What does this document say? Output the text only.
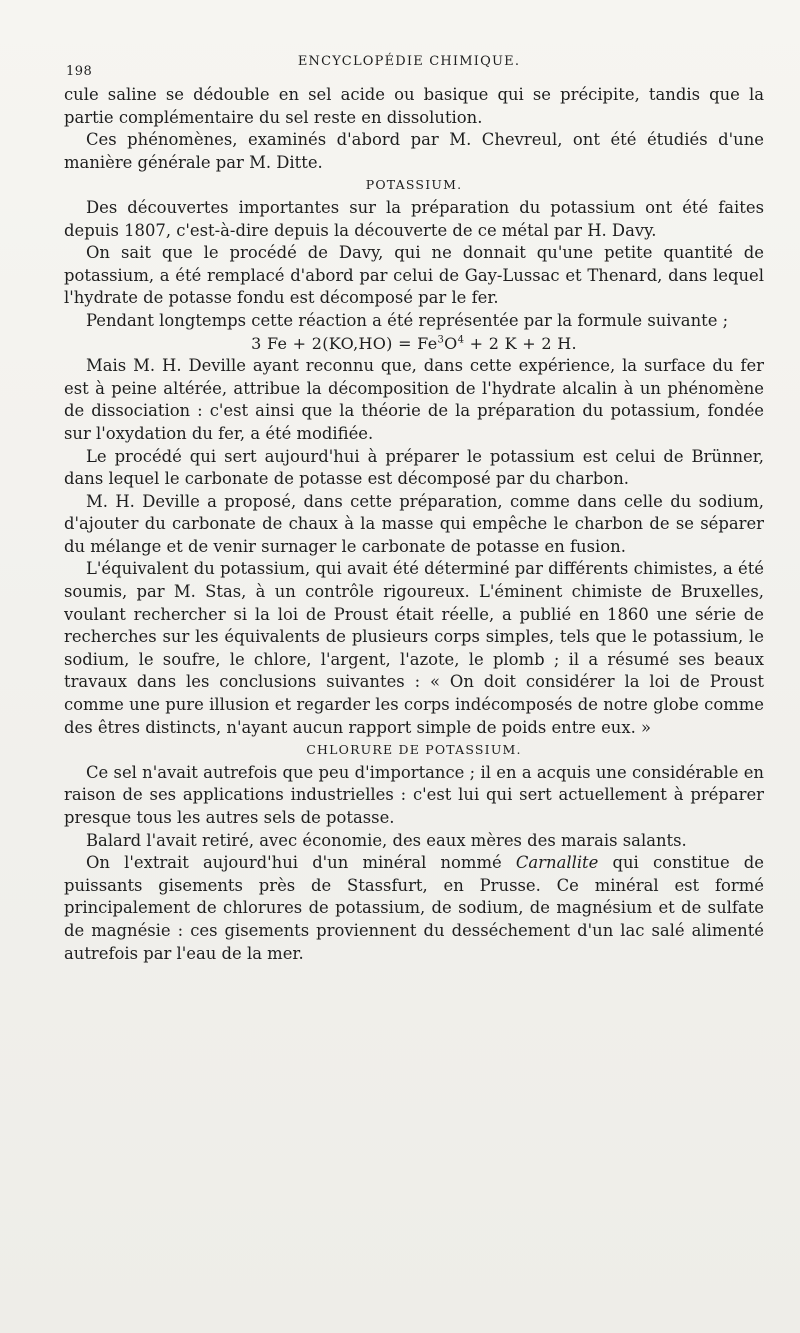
198
ENCYCLOPÉDIE CHIMIQUE.

cule saline se dédouble en sel acide ou basique qui se précipite, tandis que la partie complémentaire du sel reste en dissolution.

Ces phénomènes, examinés d'abord par M. Chevreul, ont été étudiés d'une manière générale par M. Ditte.

POTASSIUM.

Des découvertes importantes sur la préparation du potassium ont été faites depuis 1807, c'est-à-dire depuis la découverte de ce métal par H. Davy.

On sait que le procédé de Davy, qui ne donnait qu'une petite quantité de potassium, a été remplacé d'abord par celui de Gay-Lussac et Thenard, dans lequel l'hydrate de potasse fondu est décomposé par le fer.

Pendant longtemps cette réaction a été représentée par la formule suivante ;

3 $Fe + 2(KO,HO) = Fe^3O^4 + 2$ K + 2 H.

Mais M. H. Deville ayant reconnu que, dans cette expérience, la surface du fer est à peine altérée, attribue la décomposition de l'hydrate alcalin à un phénomène de dissociation : c'est ainsi que la théorie de la préparation du potassium, fondée sur l'oxydation du fer, a été modifiée.

Le procédé qui sert aujourd'hui à préparer le potassium est celui de Brünner, dans lequel le carbonate de potasse est décomposé par du charbon.

M. H. Deville a proposé, dans cette préparation, comme dans celle du sodium, d'ajouter du carbonate de chaux à la masse qui empêche le charbon de se séparer du mélange et de venir surnager le carbonate de potasse en fusion.

L'équivalent du potassium, qui avait été déterminé par différents chimistes, a été soumis, par M. Stas, à un contrôle rigoureux. L'éminent chimiste de Bruxelles, voulant rechercher si la loi de Proust était réelle, a publié en 1860 une série de recherches sur les équivalents de plusieurs corps simples, tels que le potassium, le sodium, le soufre, le chlore, l'argent, l'azote, le plomb ; il a résumé ses beaux travaux dans les conclusions suivantes : « On doit considérer la loi de Proust comme une pure illusion et regarder les corps indécomposés de notre globe comme des êtres distincts, n'ayant aucun rapport simple de poids entre eux. »

CHLORURE DE POTASSIUM.

Ce sel n'avait autrefois que peu d'importance ; il en a acquis une considérable en raison de ses applications industrielles : c'est lui qui sert actuellement à préparer presque tous les autres sels de potasse.

Balard l'avait retiré, avec économie, des eaux mères des marais salants.

On l'extrait aujourd'hui d'un minéral nommé Carnallite qui constitue de puissants gisements près de Stassfurt, en Prusse. Ce minéral est formé principalement de chlorures de potassium, de sodium, de magnésium et de sulfate de magnésie : ces gisements proviennent du desséchement d'un lac salé alimenté autrefois par l'eau de la mer.
